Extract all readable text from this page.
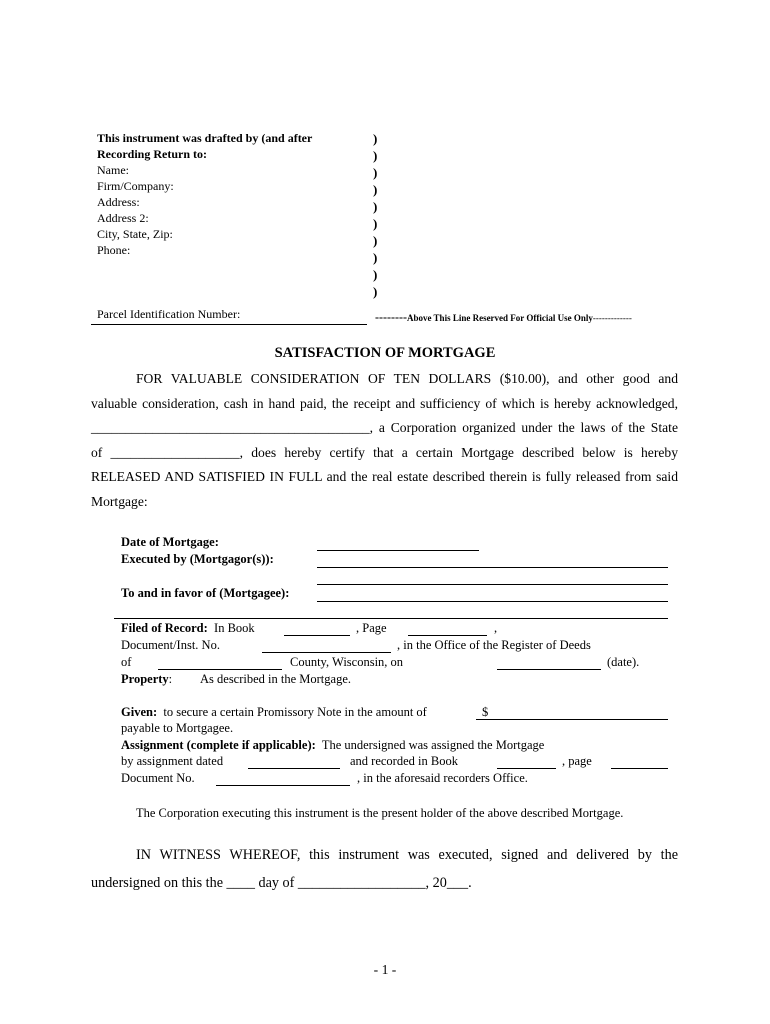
This instrument was drafted by (and after
Recording Return to:
Name:
Firm/Company:
Address:
Address 2:
City, State, Zip:
Phone:
)
)
)
)
)
)
)
)
)
)
Parcel Identification Number:	--------Above This Line Reserved For Official Use Only-------------
SATISFACTION OF MORTGAGE
FOR VALUABLE CONSIDERATION OF TEN DOLLARS ($10.00), and other good and
valuable consideration, cash in hand paid, the receipt and sufficiency of which is hereby acknowledged,
_________________________________________, a Corporation organized under the laws of the State
of ___________________, does hereby certify that a certain Mortgage described below is hereby
RELEASED AND SATISFIED IN FULL and the real estate described therein is fully released from said
Mortgage:
Date of Mortgage:
Executed by (Mortgagor(s)):
To and in favor of (Mortgagee):
Filed of Record: In Book	, Page	,
Document/Inst. No.	, in the Office of the Register of Deeds
of	County, Wisconsin, on	(date).
Property: As described in the Mortgage.
Given: to secure a certain Promissory Note in the amount of	$
payable to Mortgagee.
Assignment (complete if applicable): The undersigned was assigned the Mortgage
by assignment dated	and recorded in Book	, page
Document No.	, in the aforesaid recorders Office.
The Corporation executing this instrument is the present holder of the above described Mortgage.
IN WITNESS WHEREOF, this instrument was executed, signed and delivered by the
undersigned on this the ____ day of __________________, 20___.
- 1 -
